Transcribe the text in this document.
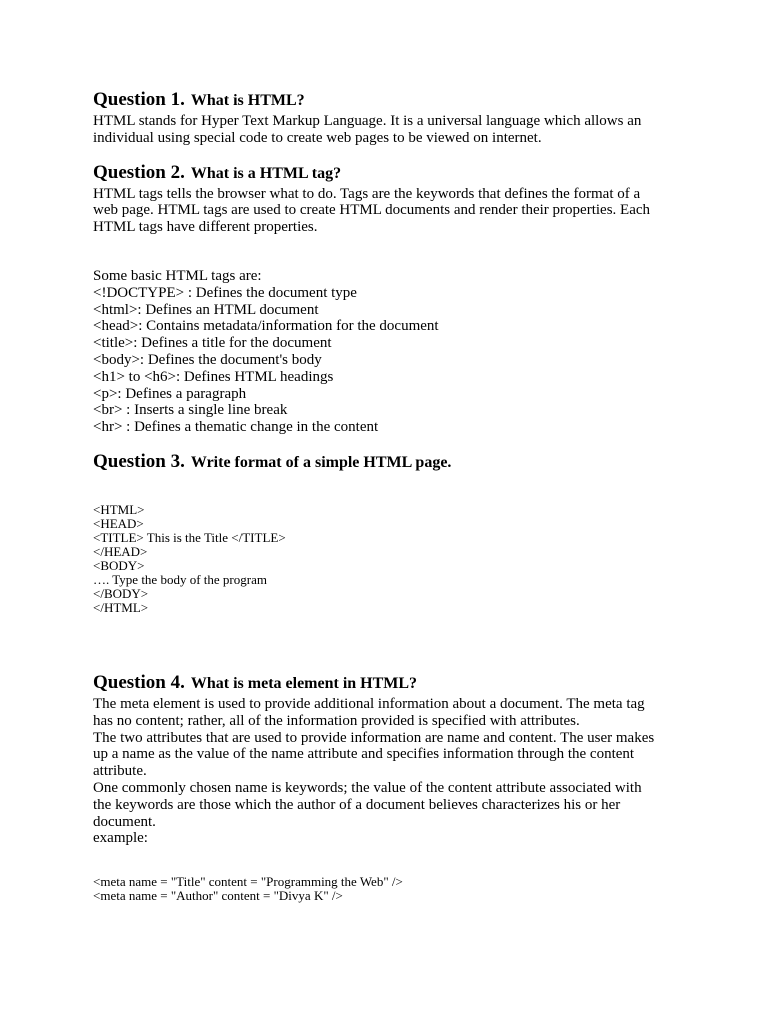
Question 1. What is HTML?

HTML stands for Hyper Text Markup Language. It is a universal language which allows an

individual using special code to create web pages to be viewed on internet.

Question 2. What is a HTML tag?

HTML tags tells the browser what to do. Tags are the keywords that defines the format of a

web page. HTML tags are used to create HTML documents and render their properties. Each

HTML tags have different properties.

Some basic HTML tags are:

<!DOCTYPE> : Defines the document type

<html>: Defines an HTML document

<head>: Contains metadata/information for the document

<title>: Defines a title for the document

<body>: Defines the document's body

<h1> to <h6>: Defines HTML headings

<p>: Defines a paragraph

<br> : Inserts a single line break

<hr> : Defines a thematic change in the content

Question 3. Write format of a simple HTML page.

<HTML>

<HEAD>

<TITLE> This is the Title </TITLE>

</HEAD>

<BODY>

…. Type the body of the program

</BODY>

</HTML>

Question 4. What is meta element in HTML?

The meta element is used to provide additional information about a document. The meta tag

has no content; rather, all of the information provided is specified with attributes.

The two attributes that are used to provide information are name and content. The user makes

up a name as the value of the name attribute and specifies information through the content

attribute.

One commonly chosen name is keywords; the value of the content attribute associated with

the keywords are those which the author of a document believes characterizes his or her

document.

example:

<meta name = "Title" content = "Programming the Web" />

<meta name = "Author" content = "Divya K" />
